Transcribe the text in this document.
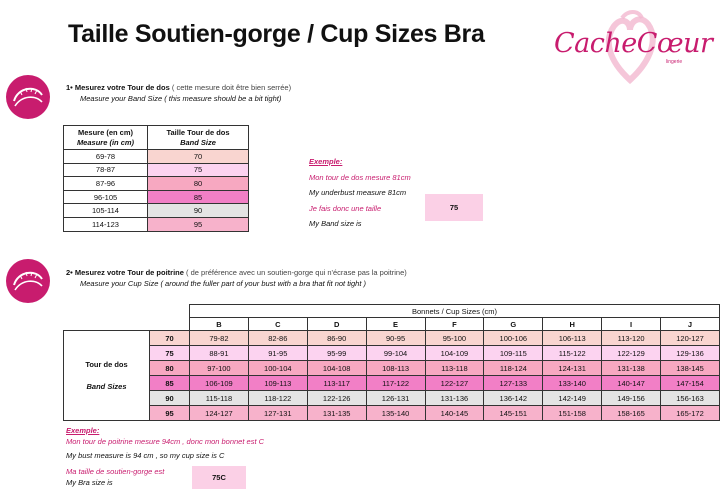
Taille Soutien-gorge / Cup Sizes Bra	CacheCœur
lingerie
1• Mesurez votre Tour de dos ( cette mesure doit être bien serrée)
Measure your Band Size ( this measure should be a bit tight)
Mesure (en cm)
Measure (in cm)	Taille Tour de dos
Band Size
69-78	70
78-87	75
87-96	80
96-105	85
105-114	90
114-123	95
Exemple:
Mon tour de dos mesure 81cm
My underbust measure 81cm
Je fais donc une taille
My Band size is
75
2• Mesurez votre Tour de poitrine ( de préférence avec un soutien-gorge qui n'écrase pas la poitrine)
Measure your Cup Size ( around the fuller part of your bust with a bra that fit not tight )
		Bonnets / Cup Sizes (cm)								
		B	C	D	E	F	G	H	I	J

Tour de dos
Band Sizes	70	79-82	82-86	86-90	90-95	95-100	100-106	106-113	113-120	120-127
	75	88-91	91-95	95-99	99-104	104-109	109-115	115-122	122-129	129-136
	80	97-100	100-104	104-108	108-113	113-118	118-124	124-131	131-138	138-145
	85	106-109	109-113	113-117	117-122	122-127	127-133	133-140	140-147	147-154
	90	115-118	118-122	122-126	126-131	131-136	136-142	142-149	149-156	156-163
	95	124-127	127-131	131-135	135-140	140-145	145-151	151-158	158-165	165-172
Exemple:
Mon tour de poitrine mesure 94cm , donc mon bonnet est C
My bust measure is 94 cm , so my cup size is C
Ma taille de soutien-gorge est
My Bra size is
75C
